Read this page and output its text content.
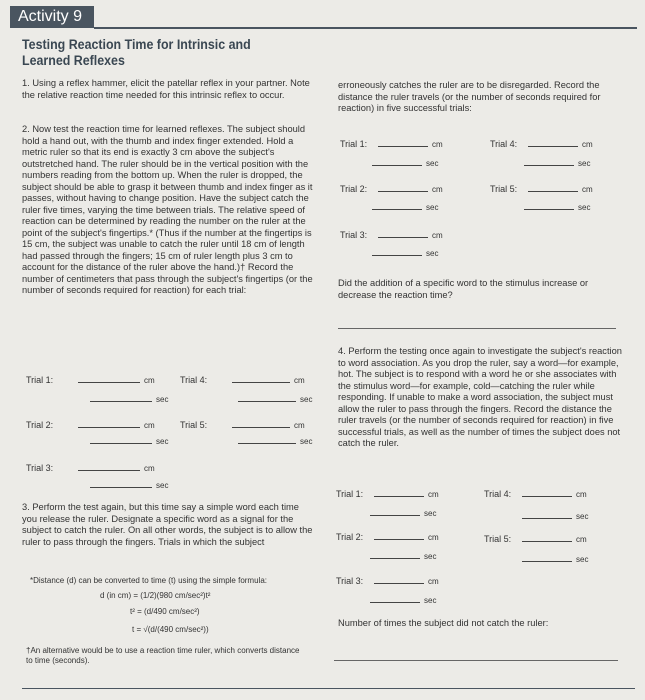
Activity 9
Testing Reaction Time for Intrinsic and Learned Reflexes

1. Using a reflex hammer, elicit the patellar reflex in your partner. Note the relative reaction time needed for this intrinsic reflex to occur.

2. Now test the reaction time for learned reflexes. The subject should hold a hand out, with the thumb and index finger extended. Hold a metric ruler so that its end is exactly 3 cm above the subject's outstretched hand. The ruler should be in the vertical position with the numbers reading from the bottom up. When the ruler is dropped, the subject should be able to grasp it between thumb and index finger as it passes, without having to change position. Have the subject catch the ruler five times, varying the time between trials. The relative speed of reaction can be determined by reading the number on the ruler at the point of the subject's fingertips.* (Thus if the number at the fingertips is 15 cm, the subject was unable to catch the ruler until 18 cm of length had passed through the fingers; 15 cm of ruler length plus 3 cm to account for the distance of the ruler above the hand.)† Record the number of centimeters that pass through the subject's fingertips (or the number of seconds required for reaction) for each trial:

Trial 1:	cm
sec
Trial 4:	cm
sec
Trial 2:	cm
sec
Trial 5:	cm
sec
Trial 3:	cm
sec

3. Perform the test again, but this time say a simple word each time you release the ruler. Designate a specific word as a signal for the subject to catch the ruler. On all other words, the subject is to allow the ruler to pass through the fingers. Trials in which the subject

*Distance (d) can be converted to time (t) using the simple formula:
d (in cm) = (1/2)(980 cm/sec²)t²
t² = (d/490 cm/sec²)
t = √(d/(490 cm/sec²))
†An alternative would be to use a reaction time ruler, which converts distance to time (seconds).

erroneously catches the ruler are to be disregarded. Record the distance the ruler travels (or the number of seconds required for reaction) in five successful trials:

Trial 1:	cm
sec
Trial 4:	cm
sec
Trial 2:	cm
sec
Trial 5:	cm
sec
Trial 3:	cm
sec

Did the addition of a specific word to the stimulus increase or decrease the reaction time?

4. Perform the testing once again to investigate the subject's reaction to word association. As you drop the ruler, say a word—for example, hot. The subject is to respond with a word he or she associates with the stimulus word—for example, cold—catching the ruler while responding. If unable to make a word association, the subject must allow the ruler to pass through the fingers. Record the distance the ruler travels (or the number of seconds required for reaction) in five successful trials, as well as the number of times the subject does not catch the ruler.

Trial 1:	cm
sec
Trial 4:	cm
sec
Trial 2:	cm
sec
Trial 5:	cm
sec
Trial 3:	cm
sec

Number of times the subject did not catch the ruler:
